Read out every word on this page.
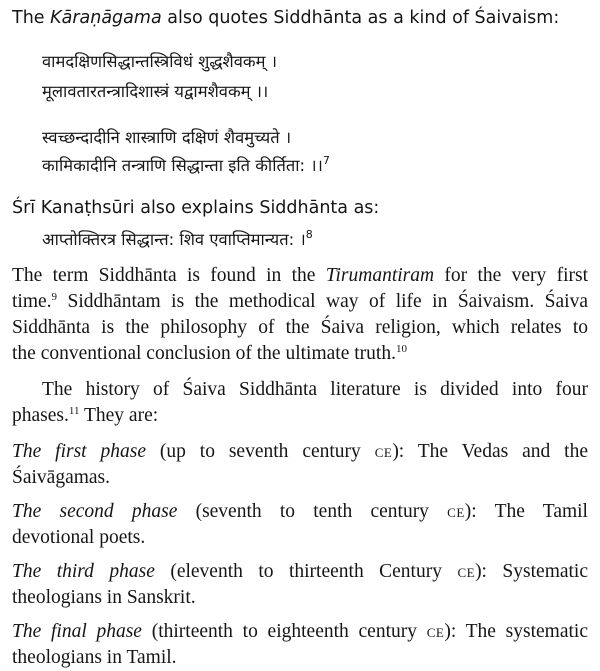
The Kāraṇāgama also quotes Siddhānta as a kind of Śaivaism:
वामदक्षिणसिद्धान्तस्त्रिविधं शुद्धशैवकम् ।
मूलावतारतन्त्रादिशास्त्रं यद्वामशैवकम् ।।
स्वच्छन्दादीनि शास्त्राणि दक्षिणं शैवमुच्यते ।
कामिकादीनि तन्त्राणि सिद्धान्ता इति कीर्तिता: ।।$^7$
Śrī Kanaṭhsūri also explains Siddhānta as:
आप्तोक्तिरत्र सिद्धान्त: शिव एवाप्तिमान्यत: ।$^8$
The term Siddhānta is found in the Tirumantiram for the very first
time.$^9$ Siddhāntam is the methodical way of life in Śaivaism. Śaiva
Siddhānta is the philosophy of the Śaiva religion, which relates to
the conventional conclusion of the ultimate truth.$^{10}$
The history of Śaiva Siddhānta literature is divided into four
phases.$^{11}$ They are:
The first phase (up to seventh century CE): The Vedas and the
Śaivāgamas.
The second phase (seventh to tenth century CE): The Tamil
devotional poets.
The third phase (eleventh to thirteenth Century CE): Systematic
theologians in Sanskrit.
The final phase (thirteenth to eighteenth century CE): The systematic
theologians in Tamil.
